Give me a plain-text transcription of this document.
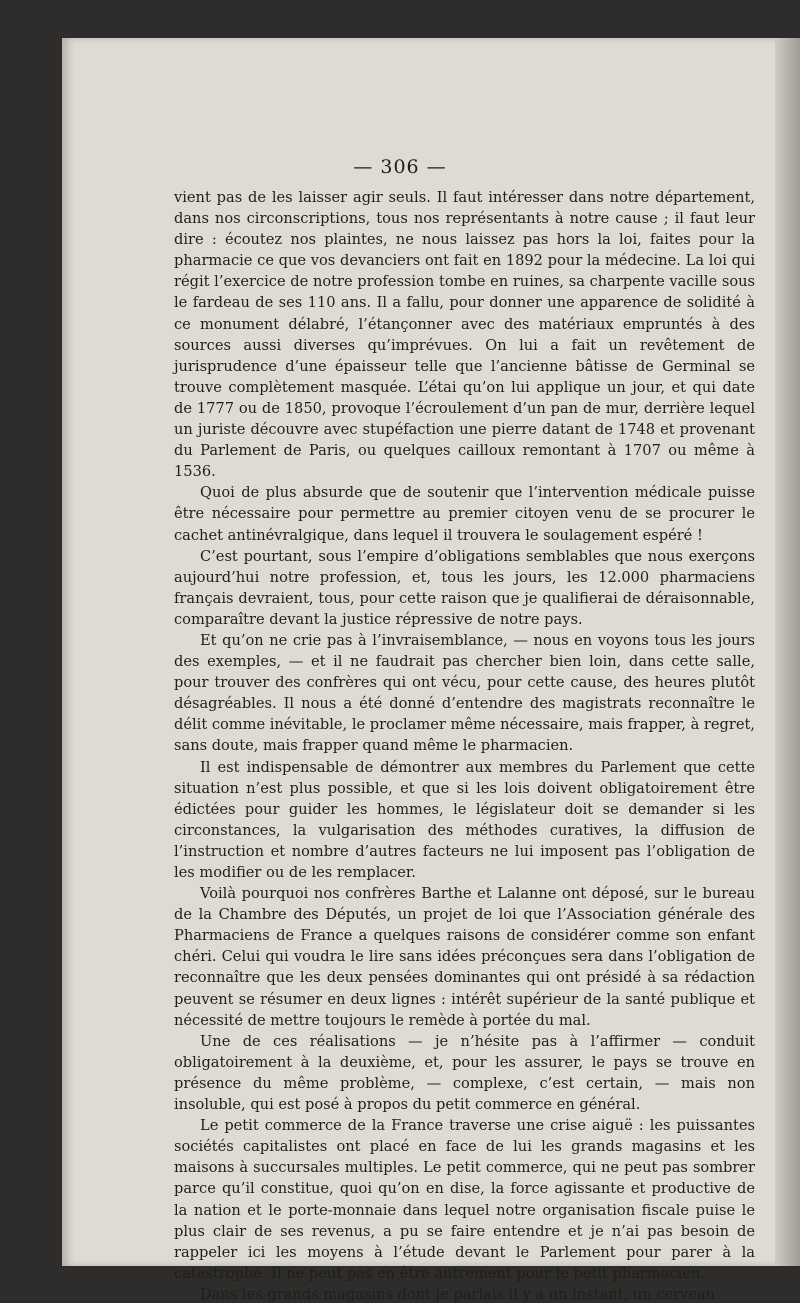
— 306 —

vient pas de les laisser agir seuls. Il faut intéresser dans notre département, dans nos circonscriptions, tous nos représentants à notre cause ; il faut leur dire : écoutez nos plaintes, ne nous laissez pas hors la loi, faites pour la pharmacie ce que vos devanciers ont fait en 1892 pour la médecine. La loi qui régit l’exercice de notre profession tombe en ruines, sa charpente vacille sous le fardeau de ses 110 ans. Il a fallu, pour donner une apparence de solidité à ce monument délabré, l’étançonner avec des matériaux empruntés à des sources aussi diverses qu’imprévues. On lui a fait un revêtement de jurisprudence d’une épaisseur telle que l’ancienne bâtisse de Germinal se trouve complètement masquée. L’étai qu’on lui applique un jour, et qui date de 1777 ou de 1850, provoque l’écroulement d’un pan de mur, derrière lequel un juriste découvre avec stupéfaction une pierre datant de 1748 et provenant du Parlement de Paris, ou quelques cailloux remontant à 1707 ou même à 1536.

Quoi de plus absurde que de soutenir que l’intervention médicale puisse être nécessaire pour permettre au premier citoyen venu de se procurer le cachet antinévralgique, dans lequel il trouvera le soulagement espéré !

C’est pourtant, sous l’empire d’obligations semblables que nous exerçons aujourd’hui notre profession, et, tous les jours, les 12.000 pharmaciens français devraient, tous, pour cette raison que je qualifierai de déraisonnable, comparaître devant la justice répressive de notre pays.

Et qu’on ne crie pas à l’invraisemblance, — nous en voyons tous les jours des exemples, — et il ne faudrait pas chercher bien loin, dans cette salle, pour trouver des confrères qui ont vécu, pour cette cause, des heures plutôt désagréables. Il nous a été donné d’entendre des magistrats reconnaître le délit comme inévitable, le proclamer même nécessaire, mais frapper, à regret, sans doute, mais frapper quand même le pharmacien.

Il est indispensable de démontrer aux membres du Parlement que cette situation n’est plus possible, et que si les lois doivent obligatoirement être édictées pour guider les hommes, le législateur doit se demander si les circonstances, la vulgarisation des méthodes curatives, la diffusion de l’instruction et nombre d’autres facteurs ne lui imposent pas l’obligation de les modifier ou de les remplacer.

Voilà pourquoi nos confrères Barthe et Lalanne ont déposé, sur le bureau de la Chambre des Députés, un projet de loi que l’Association générale des Pharmaciens de France a quelques raisons de considérer comme son enfant chéri. Celui qui voudra le lire sans idées préconçues sera dans l’obligation de reconnaître que les deux pensées dominantes qui ont présidé à sa rédaction peuvent se résumer en deux lignes : intérêt supérieur de la santé publique et nécessité de mettre toujours le remède à portée du mal.

Une de ces réalisations — je n’hésite pas à l’affirmer — conduit obligatoirement à la deuxième, et, pour les assurer, le pays se trouve en présence du même problème, — complexe, c’est certain, — mais non insoluble, qui est posé à propos du petit commerce en général.

Le petit commerce de la France traverse une crise aiguë : les puissantes sociétés capitalistes ont placé en face de lui les grands magasins et les maisons à succursales multiples. Le petit commerce, qui ne peut pas sombrer parce qu’il constitue, quoi qu’on en dise, la force agissante et productive de la nation et le porte-monnaie dans lequel notre organisation fiscale puise le plus clair de ses revenus, a pu se faire entendre et je n’ai pas besoin de rappeler ici les moyens à l’étude devant le Parlement pour parer à la catastrophe. Il ne peut pas en être autrement pour le petit pharmacien.

Dans les grands magasins dont je parlais il y a un instant, un cerveau
